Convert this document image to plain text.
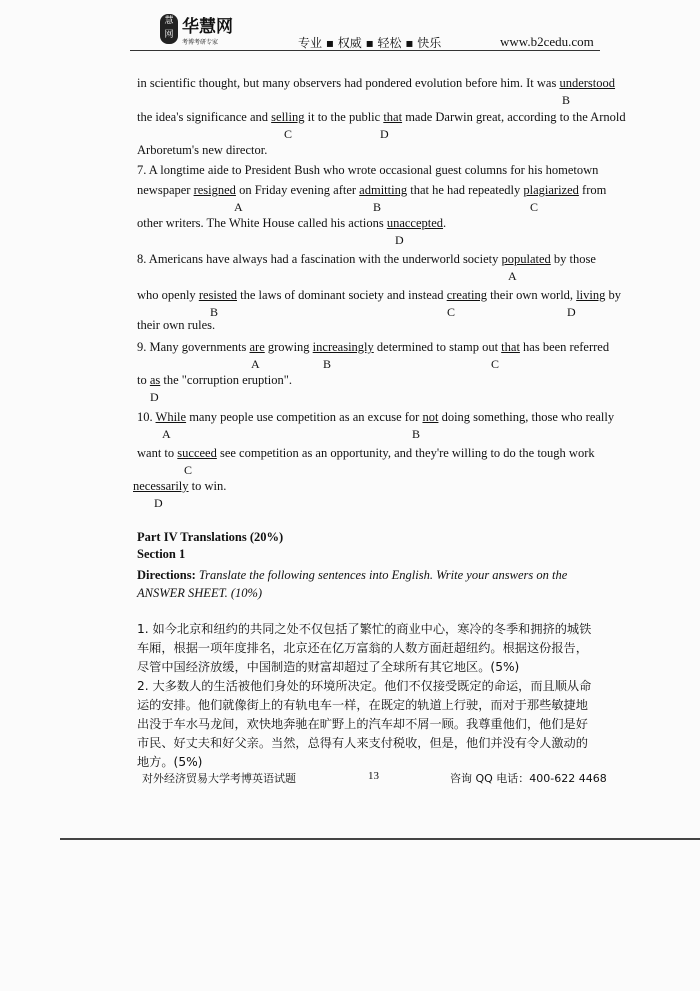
慧
网 华慧网
考博考研专家	专业 ▪ 权威 ▪ 轻松 ▪ 快乐	www.b2cedu.com
in scientific thought, but many observers had pondered evolution before him. It was understood
B
the idea's significance and selling it to the public that made Darwin great, according to the Arnold
C	D
Arboretum's new director.
7. A longtime aide to President Bush who wrote occasional guest columns for his hometown
newspaper resigned on Friday evening after admitting that he had repeatedly plagiarized from
A	B	C
other writers. The White House called his actions unaccepted.
D
8. Americans have always had a fascination with the underworld society populated by those
A
who openly resisted the laws of dominant society and instead creating their own world, living by
B	C	D
their own rules.
9. Many governments are growing increasingly determined to stamp out that has been referred
A	B	C
to as the "corruption eruption".
D
10. While many people use competition as an excuse for not doing something, those who really
A	B
want to succeed see competition as an opportunity, and they're willing to do the tough work
C
necessarily to win.
D
Part IV Translations (20%)
Section 1
Directions: Translate the following sentences into English. Write your answers on the ANSWER SHEET. (10%)
1. 如今北京和纽约的共同之处不仅包括了繁忙的商业中心，寒冷的冬季和拥挤的城铁车厢，根据一项年度排名，北京还在亿万富翁的人数方面赶超纽约。根据这份报告，尽管中国经济放缓，中国制造的财富却超过了全球所有其它地区。(5%)
2. 大多数人的生活被他们身处的环境所决定。他们不仅接受既定的命运，而且顺从命运的安排。他们就像街上的有轨电车一样，在既定的轨道上行驶，而对于那些敏捷地出没于车水马龙间，欢快地奔驰在旷野上的汽车却不屑一顾。我尊重他们，他们是好市民、好丈夫和好父亲。当然，总得有人来支付税收，但是，他们并没有令人激动的地方。(5%)
对外经济贸易大学考博英语试题	13	咨询 QQ 电话：400-622 4468
